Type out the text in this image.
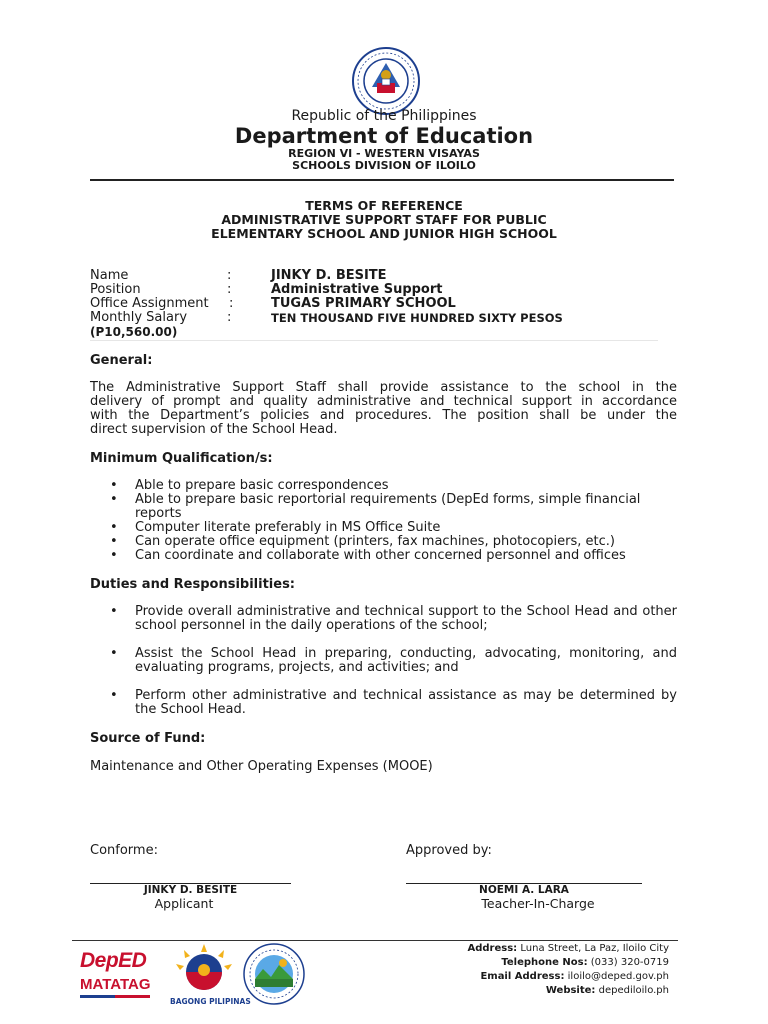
Republic of the Philippines
Department of Education
REGION VI - WESTERN VISAYAS
SCHOOLS DIVISION OF ILOILO
TERMS OF REFERENCE
ADMINISTRATIVE SUPPORT STAFF FOR PUBLIC
ELEMENTARY SCHOOL AND JUNIOR HIGH SCHOOL
Name	:	JINKY D. BESITE
Position	:	Administrative Support
Office Assignment :	TUGAS PRIMARY SCHOOL
Monthly Salary	:	TEN THOUSAND FIVE HUNDRED SIXTY PESOS
(P10,560.00)
General:
The Administrative Support Staff shall provide assistance to the school in the
delivery of prompt and quality administrative and technical support in accordance
with the Department’s policies and procedures. The position shall be under the
direct supervision of the School Head.
Minimum Qualification/s:
• Able to prepare basic correspondences
• Able to prepare basic reportorial requirements (DepEd forms, simple financial reports
• Computer literate preferably in MS Office Suite
• Can operate office equipment (printers, fax machines, photocopiers, etc.)
• Can coordinate and collaborate with other concerned personnel and offices
Duties and Responsibilities:
• Provide overall administrative and technical support to the School Head and other school personnel in the daily operations of the school;
• Assist the School Head in preparing, conducting, advocating, monitoring, and evaluating programs, projects, and activities; and
• Perform other administrative and technical assistance as may be determined by the School Head.
Source of Fund:
Maintenance and Other Operating Expenses (MOOE)
Conforme:	Approved by:
JINKY D. BESITE
Applicant
NOEMI A. LARA
Teacher-In-Charge
DepED
MATATAG
BAGONG PILIPINAS
Address: Luna Street, La Paz, Iloilo City
Telephone Nos: (033) 320-0719
Email Address: iloilo@deped.gov.ph
Website: depediloilo.ph
